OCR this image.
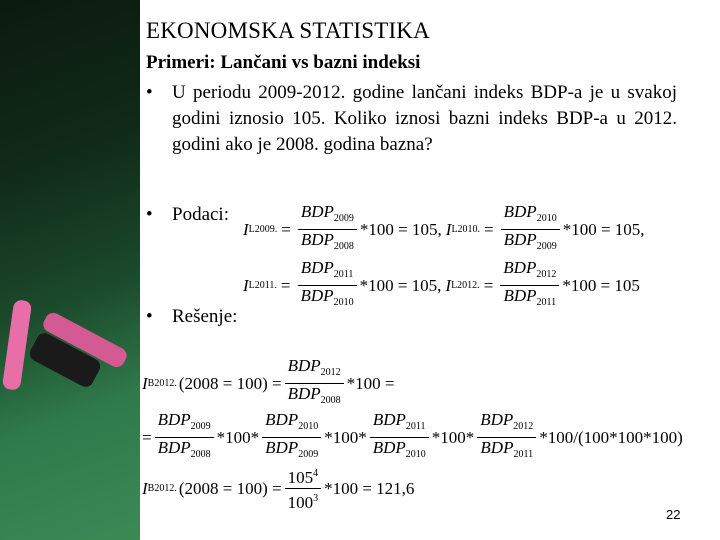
EKONOMSKA STATISTIKA
Primeri: Lančani vs bazni indeksi
• U periodu 2009-2012. godine lančani indeks BDP-a je u svakoj godini iznosio 105. Koliko iznosi bazni indeks BDP-a u 2012. godini ako je 2008. godina bazna?
• Podaci:
I L2009. = $\frac{BDP_{2009}}{BDP_{2008}} *100 = 105$, I L2010. = $\frac{BDP_{2010}}{BDP_{2009}} *100 = 105$,
I L2011. = $\frac{BDP_{2011}}{BDP_{2010}} *100 = 105$, I L2012. = $\frac{BDP_{2012}}{BDP_{2011}} *100 = 105$
• Rešenje:
I B2012. $(2008 = 100) = \frac{BDP_{2012}}{BDP_{2008}} *100$ =
= $\frac{BDP_{2009}}{BDP_{2008}} *100* \frac{BDP_{2010}}{BDP_{2009}} *100* \frac{BDP_{2011}}{BDP_{2010}} *100* \frac{BDP_{2012}}{BDP_{2011}} *100/(100*100*100)$
I B2012. $(2008 = 100) = \frac{105^4}{100^3} *100 = 121,6$
22
